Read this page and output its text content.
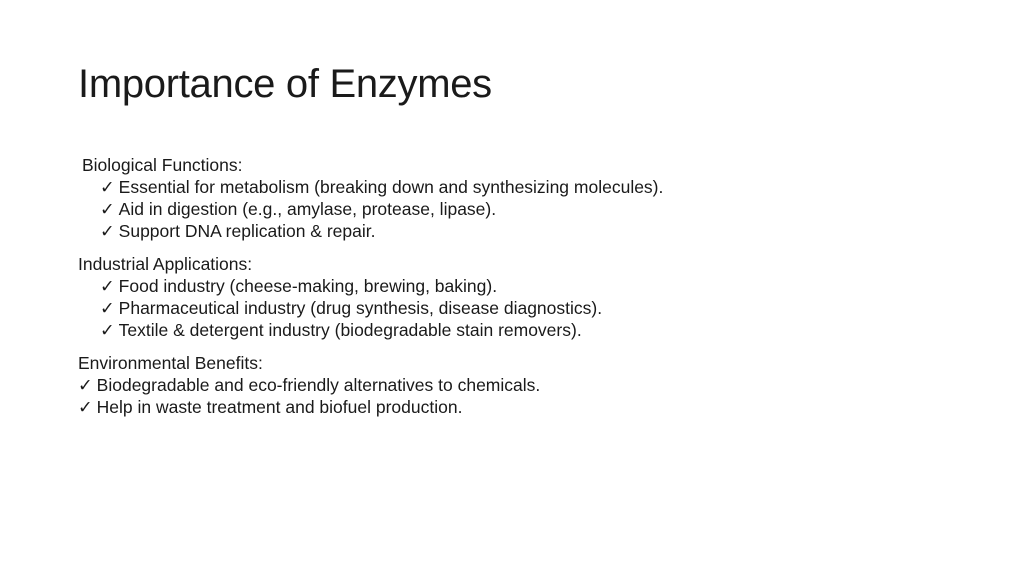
Importance of Enzymes
Biological Functions:
✓ Essential for metabolism (breaking down and synthesizing molecules).
✓ Aid in digestion (e.g., amylase, protease, lipase).
✓ Support DNA replication & repair.
Industrial Applications:
✓ Food industry (cheese-making, brewing, baking).
✓ Pharmaceutical industry (drug synthesis, disease diagnostics).
✓ Textile & detergent industry (biodegradable stain removers).
Environmental Benefits:
✓ Biodegradable and eco-friendly alternatives to chemicals.
✓ Help in waste treatment and biofuel production.
